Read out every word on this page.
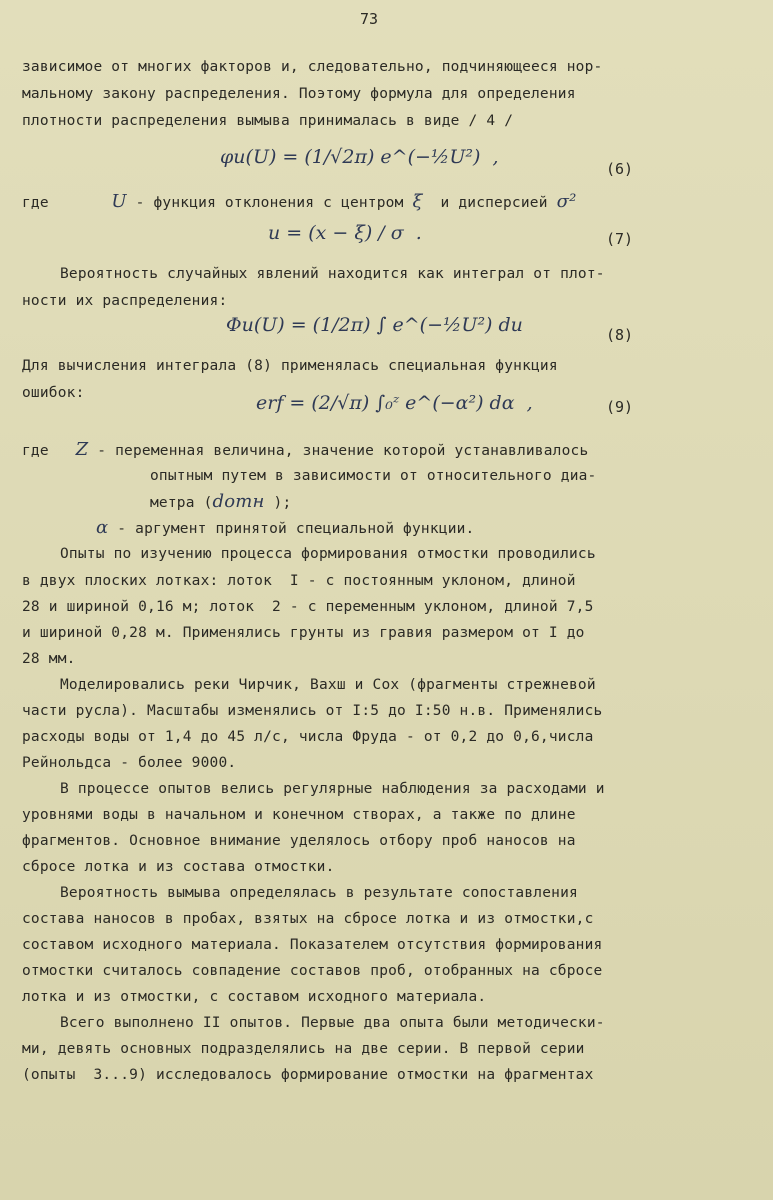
73
зависимое от многих факторов и, следовательно, подчиняющееся нор-
мальному закону распределения. Поэтому формула для определения
плотности распределения вымыва принималась в виде / 4 /
φu(U) = (1/√2π) e^(−½U²)  ,
(6)
где	U - функция отклонения с центром ξ и дисперсией σ²
u = (x − ξ) / σ  .	(7)
Вероятность случайных явлений находится как интеграл от плот-
ности их распределения:
Φu(U) = (1/2π) ∫ e^(−½U²) du	(8)
Для вычисления интеграла (8) применялась специальная функция
ошибок:	erf = (2/√π) ∫₀ᶻ e^(−α²) dα  ,	(9)
где Z - переменная величина, значение которой устанавливалось
опытным путем в зависимости от относительного диа-
метра (dотн );
α - аргумент принятой специальной функции.
Опыты по изучению процесса формирования отмостки проводились
в двух плоских лотках: лоток  I - с постоянным уклоном, длиной
28 и шириной 0,16 м; лоток  2 - с переменным уклоном, длиной 7,5
и шириной 0,28 м. Применялись грунты из гравия размером от I до
28 мм.
Моделировались реки Чирчик, Вахш и Сох (фрагменты стрежневой
части русла). Масштабы изменялись от I:5 до I:50 н.в. Применялись
расходы воды от 1,4 до 45 л/с, числа Фруда - от 0,2 до 0,6,числа
Рейнольдса - более 9000.
В процессе опытов велись регулярные наблюдения за расходами и
уровнями воды в начальном и конечном створах, а также по длине
фрагментов. Основное внимание уделялось отбору проб наносов на
сбросе лотка и из состава отмостки.
Вероятность вымыва определялась в результате сопоставления
состава наносов в пробах, взятых на сбросе лотка и из отмостки,с
составом исходного материала. Показателем отсутствия формирования
отмостки считалось совпадение составов проб, отобранных на сбросе
лотка и из отмостки, с составом исходного материала.
Всего выполнено II опытов. Первые два опыта были методически-
ми, девять основных подразделялись на две серии. В первой серии
(опыты  3...9) исследовалось формирование отмостки на фрагментах
